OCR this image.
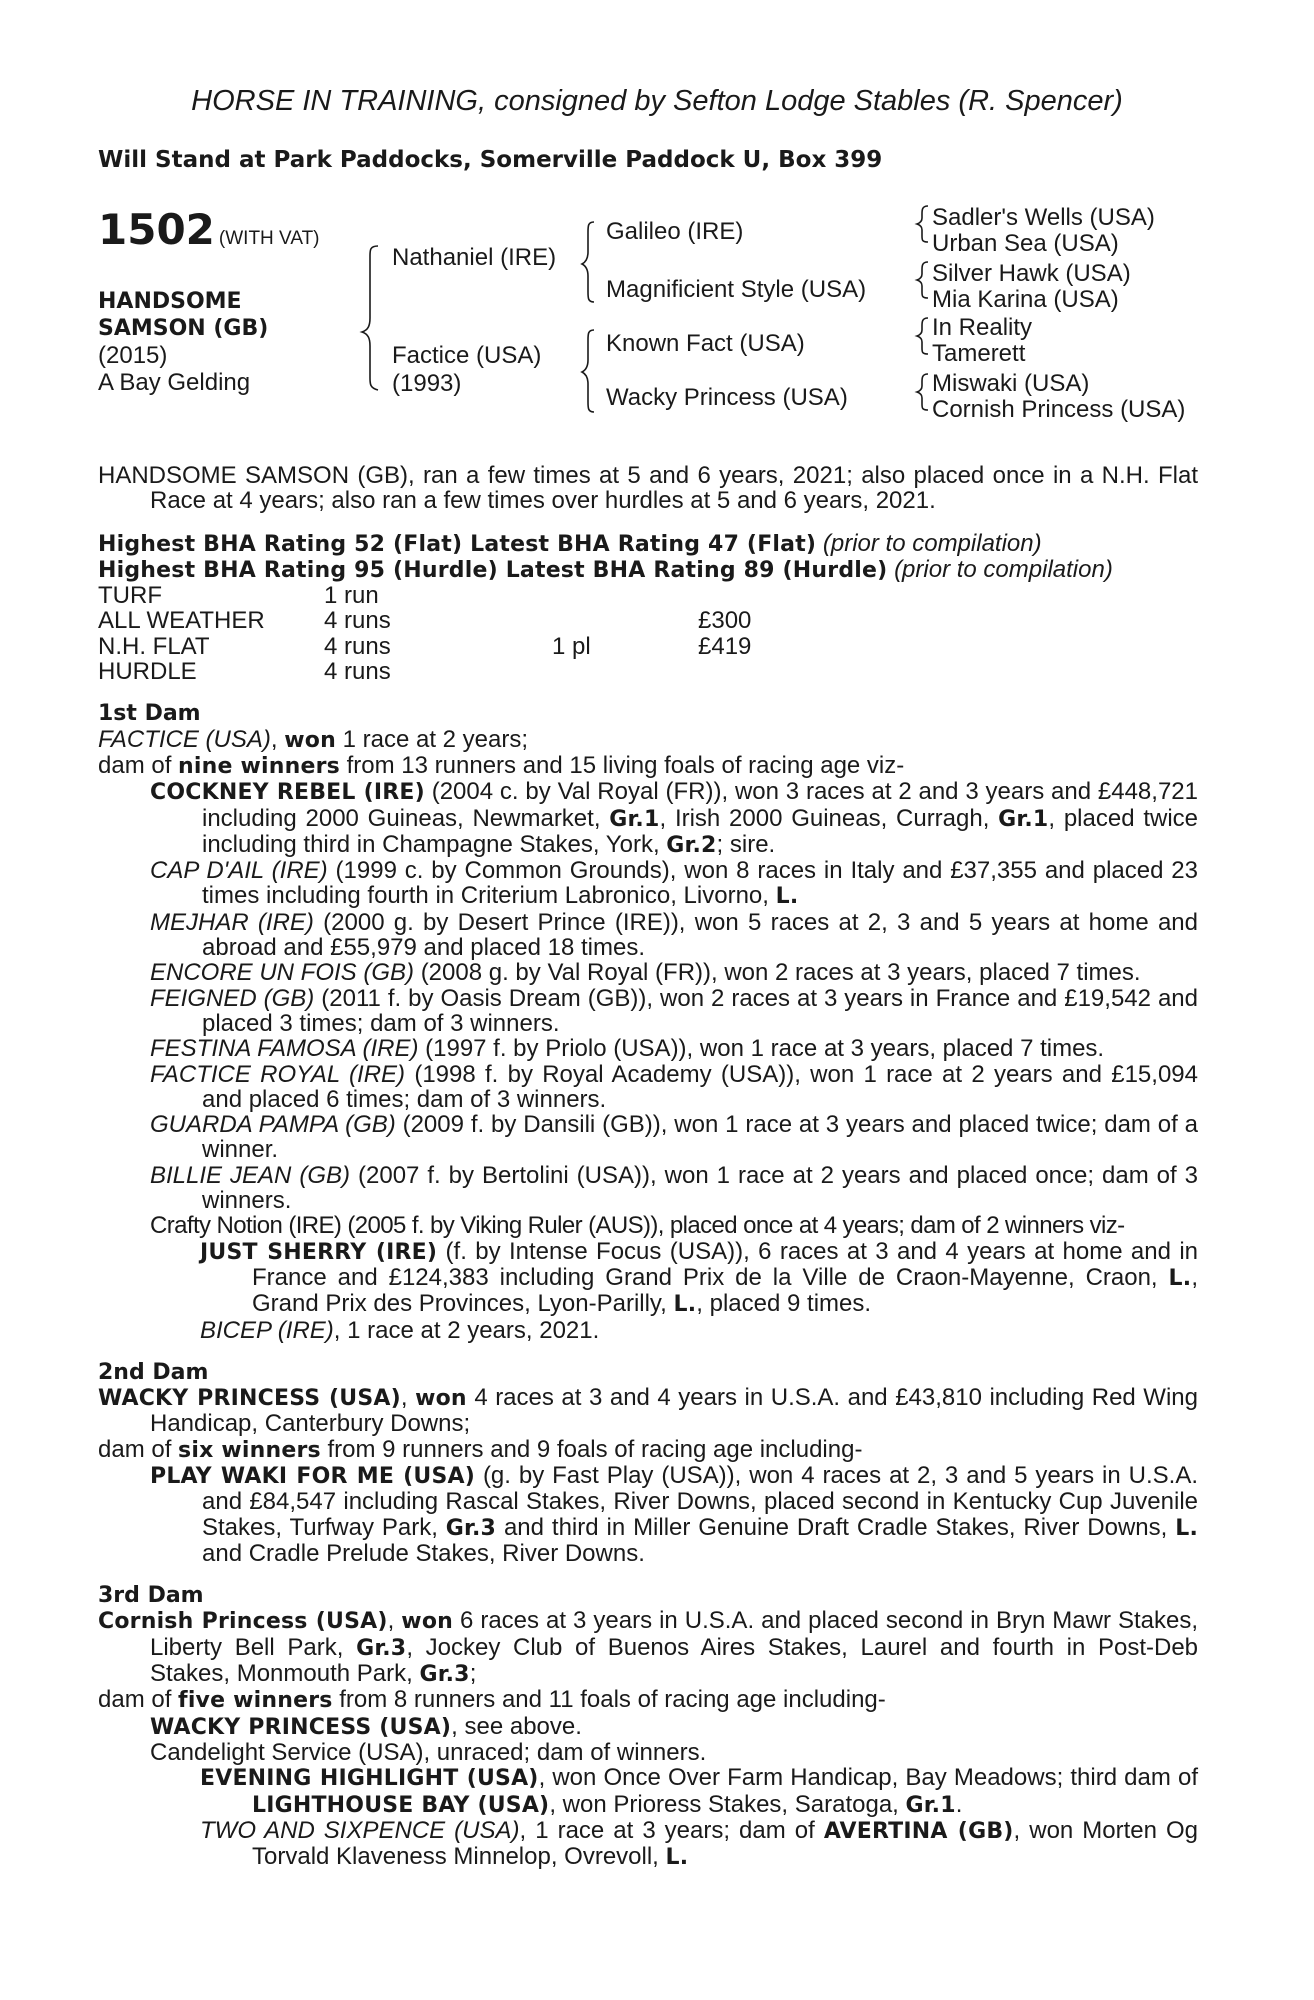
HORSE IN TRAINING, consigned by Sefton Lodge Stables (R. Spencer)
Will Stand at Park Paddocks, Somerville Paddock U, Box 399
1502 (WITH VAT)
HANDSOME
SAMSON (GB)
(2015)
A Bay Gelding
Nathaniel (IRE)
Factice (USA)
(1993)
Galileo (IRE)
Magnificient Style (USA)
Known Fact (USA)
Wacky Princess (USA)
Sadler's Wells (USA)
Urban Sea (USA)
Silver Hawk (USA)
Mia Karina (USA)
In Reality
Tamerett
Miswaki (USA)
Cornish Princess (USA)

HANDSOME SAMSON (GB), ran a few times at 5 and 6 years, 2021; also placed once in a N.H. Flat Race at 4 years; also ran a few times over hurdles at 5 and 6 years, 2021.

Highest BHA Rating 52 (Flat) Latest BHA Rating 47 (Flat) (prior to compilation)

Highest BHA Rating 95 (Hurdle) Latest BHA Rating 89 (Hurdle) (prior to compilation)

TURF	1 run
ALL WEATHER 4 runs	£300
N.H. FLAT	4 runs	1 pl	£419
HURDLE	4 runs
1st Dam

FACTICE (USA), won 1 race at 2 years;

dam of nine winners from 13 runners and 15 living foals of racing age viz-

COCKNEY REBEL (IRE) (2004 c. by Val Royal (FR)), won 3 races at 2 and 3 years and £448,721 including 2000 Guineas, Newmarket, Gr.1, Irish 2000 Guineas, Curragh, Gr.1, placed twice including third in Champagne Stakes, York, Gr.2; sire.

CAP D'AIL (IRE) (1999 c. by Common Grounds), won 8 races in Italy and £37,355 and placed 23 times including fourth in Criterium Labronico, Livorno, L.

MEJHAR (IRE) (2000 g. by Desert Prince (IRE)), won 5 races at 2, 3 and 5 years at home and abroad and £55,979 and placed 18 times.

ENCORE UN FOIS (GB) (2008 g. by Val Royal (FR)), won 2 races at 3 years, placed 7 times.

FEIGNED (GB) (2011 f. by Oasis Dream (GB)), won 2 races at 3 years in France and £19,542 and placed 3 times; dam of 3 winners.

FESTINA FAMOSA (IRE) (1997 f. by Priolo (USA)), won 1 race at 3 years, placed 7 times.

FACTICE ROYAL (IRE) (1998 f. by Royal Academy (USA)), won 1 race at 2 years and £15,094 and placed 6 times; dam of 3 winners.

GUARDA PAMPA (GB) (2009 f. by Dansili (GB)), won 1 race at 3 years and placed twice; dam of a winner.

BILLIE JEAN (GB) (2007 f. by Bertolini (USA)), won 1 race at 2 years and placed once; dam of 3 winners.

Crafty Notion (IRE) (2005 f. by Viking Ruler (AUS)), placed once at 4 years; dam of 2 winners viz-

JUST SHERRY (IRE) (f. by Intense Focus (USA)), 6 races at 3 and 4 years at home and in France and £124,383 including Grand Prix de la Ville de Craon-Mayenne, Craon, L., Grand Prix des Provinces, Lyon-Parilly, L., placed 9 times.

BICEP (IRE), 1 race at 2 years, 2021.

2nd Dam

WACKY PRINCESS (USA), won 4 races at 3 and 4 years in U.S.A. and £43,810 including Red Wing Handicap, Canterbury Downs;

dam of six winners from 9 runners and 9 foals of racing age including-

PLAY WAKI FOR ME (USA) (g. by Fast Play (USA)), won 4 races at 2, 3 and 5 years in U.S.A. and £84,547 including Rascal Stakes, River Downs, placed second in Kentucky Cup Juvenile Stakes, Turfway Park, Gr.3 and third in Miller Genuine Draft Cradle Stakes, River Downs, L. and Cradle Prelude Stakes, River Downs.

3rd Dam

Cornish Princess (USA), won 6 races at 3 years in U.S.A. and placed second in Bryn Mawr Stakes, Liberty Bell Park, Gr.3, Jockey Club of Buenos Aires Stakes, Laurel and fourth in Post-Deb Stakes, Monmouth Park, Gr.3;

dam of five winners from 8 runners and 11 foals of racing age including-

WACKY PRINCESS (USA), see above.

Candelight Service (USA), unraced; dam of winners.

EVENING HIGHLIGHT (USA), won Once Over Farm Handicap, Bay Meadows; third dam of LIGHTHOUSE BAY (USA), won Prioress Stakes, Saratoga, Gr.1.

TWO AND SIXPENCE (USA), 1 race at 3 years; dam of AVERTINA (GB), won Morten Og Torvald Klaveness Minnelop, Ovrevoll, L.
